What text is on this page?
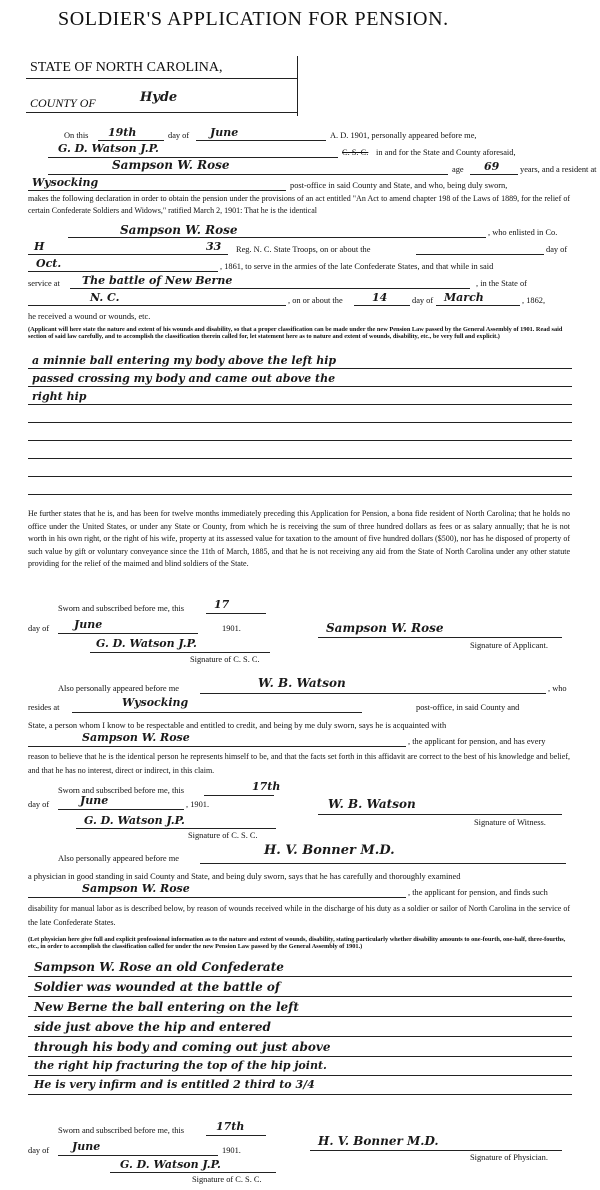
SOLDIER'S APPLICATION FOR PENSION.
STATE OF NORTH CAROLINA,
COUNTY OF	Hyde
On this 19th	day of June	A. D. 1901, personally appeared before me,
G. D. Watson J.P.	C. S. C. in and for the State and County aforesaid,
Sampson W. Rose	age 69 years, and a resident at
Wysocking	post-office in said County and State, and who, being duly sworn,
makes the following declaration in order to obtain the pension under the provisions of an act entitled "An Act to amend chapter 198 of the Laws of 1889, for the relief of certain Confederate Soldiers and Widows," ratified March 2, 1901: That he is the identical
Sampson W. Rose	, who enlisted in Co.
H	33 Reg. N. C. State Troops, on or about the	day of
Oct.	, 1861, to serve in the armies of the late Confederate States, and that while in said
service at The battle of New Berne	, in the State of
N. C.	, on or about the	14	day of March	, 1862,
he received a wound or wounds, etc.
(Applicant will here state the nature and extent of his wounds and disability, so that a proper classification can be made under the new Pension Law passed by the General Assembly of 1901. Read said section of said law carefully, and to accomplish the classification therein called for, let statement here as to nature and extent of wounds, disability, etc., be very full and explicit.)
a minnie ball entering my body above the left hip
passed crossing my body and came out above the
right hip
He further states that he is, and has been for twelve months immediately preceding this Application for Pension, a bona fide resident of North Carolina; that he holds no office under the United States, or under any State or County, from which he is receiving the sum of three hundred dollars as fees or as salary annually; that he is not worth in his own right, or the right of his wife, property at its assessed value for taxation to the amount of five hundred dollars ($500), nor has he disposed of property of such value by gift or voluntary conveyance since the 11th of March, 1885, and that he is not receiving any aid from the State of North Carolina under any other statute providing for the relief of the maimed and blind soldiers of the State.
Sworn and subscribed before me, this	17
day of June	1901.
G. D. Watson J.P.
Signature of C. S. C.
Sampson W. Rose
Signature of Applicant.
Also personally appeared before me	W. B. Watson	, who
resides at	Wysocking	post-office, in said County and
State, a person whom I know to be respectable and entitled to credit, and being by me duly sworn, says he is acquainted with
Sampson W. Rose	, the applicant for pension, and has every
reason to believe that he is the identical person he represents himself to be, and that the facts set forth in this affidavit are correct to the best of his knowledge and belief, and that he has no interest, direct or indirect, in this claim.
Sworn and subscribed before me, this	17th
day of	June	, 1901.
G. D. Watson J.P.
Signature of C. S. C.
W. B. Watson
Signature of Witness.
Also personally appeared before me
H. V. Bonner M.D.
a physician in good standing in said County and State, and being duly sworn, says that he has carefully and thoroughly examined
Sampson W. Rose	, the applicant for pension, and finds such
disability for manual labor as is described below, by reason of wounds received while in the discharge of his duty as a soldier or sailor of North Carolina in the service of the late Confederate States.
(Let physician here give full and explicit professional information as to the nature and extent of wounds, disability, stating particularly whether disability amounts to one-fourth, one-half, three-fourths, etc., in order to accomplish the classification called for under the new Pension Law passed by the General Assembly of 1901.)
Sampson W. Rose an old Confederate
Soldier was wounded at the battle of
New Berne the ball entering on the left
side just above the hip and entered
through his body and coming out just above
the right hip fracturing the top of the hip joint.
He is very infirm and is entitled 2 third to 3/4
Sworn and subscribed before me, this	17th
day of June	1901.
G. D. Watson J.P.
Signature of C. S. C.
H. V. Bonner M.D.
Signature of Physician.
